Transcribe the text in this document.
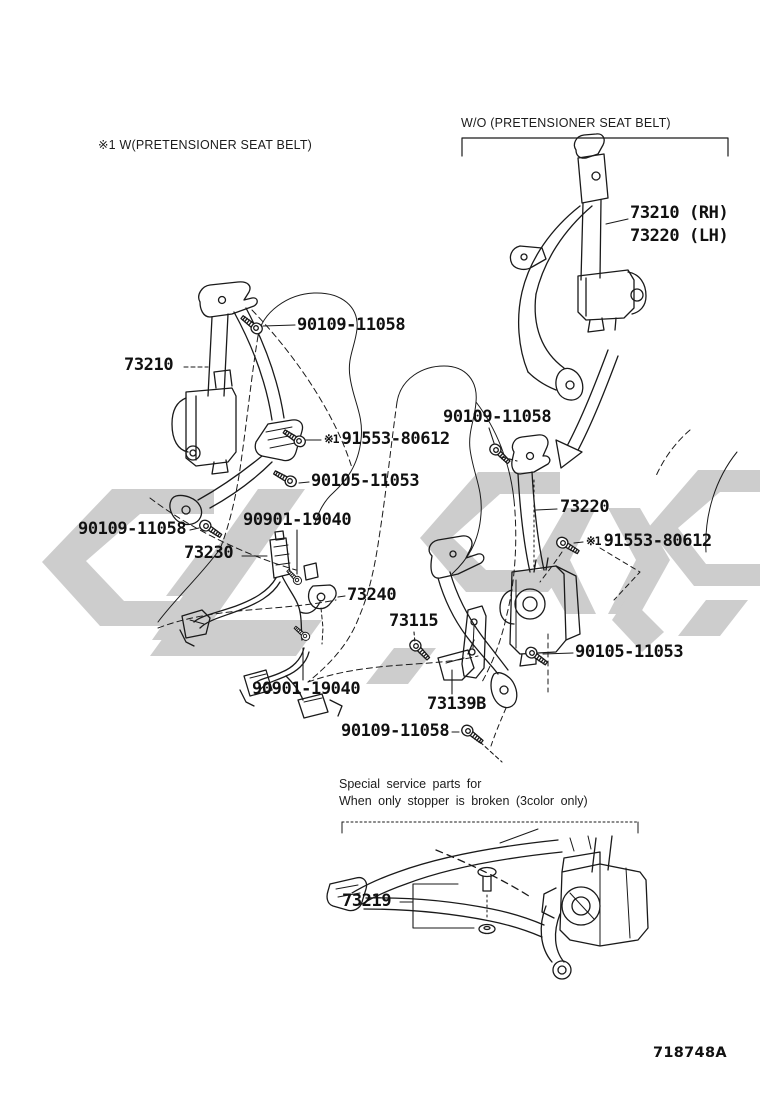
※1 W(PRETENSIONER SEAT BELT)
W/O (PRETENSIONER SEAT BELT)
73210 (RH)
73220 (LH)
90109-11058
73210
※1 91553-80612
90109-11058
90105-11053
73220
※1 91553-80612
90109-11058	90901-19040
73230
73240
73115
90105-11053
90901-19040
73139B
90109-11058
Special service parts for
When only stopper is broken (3color only)
73219
718748A
